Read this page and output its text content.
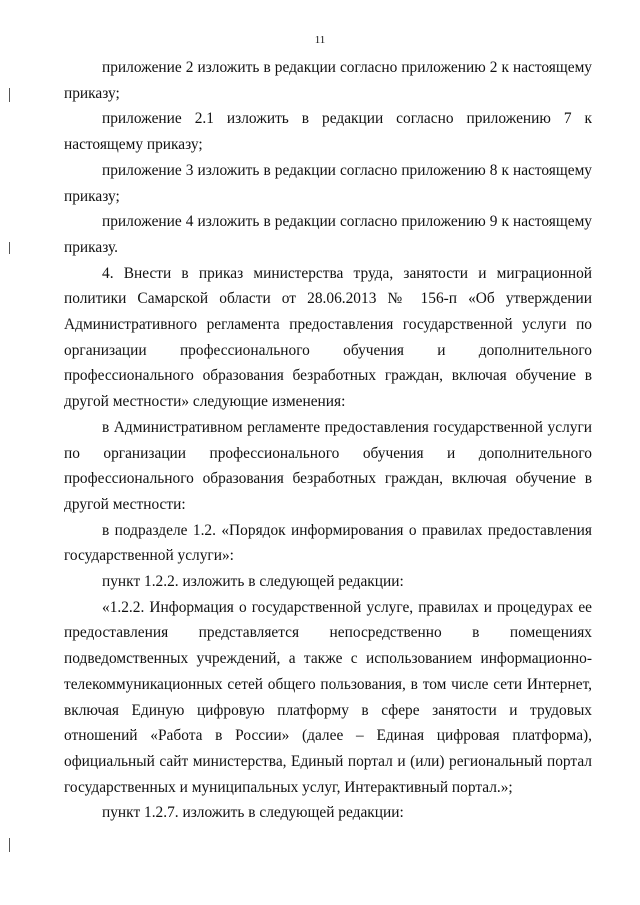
11

приложение 2 изложить в редакции согласно приложению 2 к настоящему приказу;

приложение 2.1 изложить в редакции согласно приложению 7 к настоящему приказу;

приложение 3 изложить в редакции согласно приложению 8 к настоящему приказу;

приложение 4 изложить в редакции согласно приложению 9 к настоящему приказу.

4. Внести в приказ министерства труда, занятости и миграционной политики Самарской области от 28.06.2013 № 156-п «Об утверждении Административного регламента предоставления государственной услуги по организации профессионального обучения и дополнительного профессионального образования безработных граждан, включая обучение в другой местности» следующие изменения:

в Административном регламенте предоставления государственной услуги по организации профессионального обучения и дополнительного профессионального образования безработных граждан, включая обучение в другой местности:

в подразделе 1.2. «Порядок информирования о правилах предоставления государственной услуги»:

пункт 1.2.2. изложить в следующей редакции:

«1.2.2. Информация о государственной услуге, правилах и процедурах ее предоставления представляется непосредственно в помещениях подведомственных учреждений, а также с использованием информационно-телекоммуникационных сетей общего пользования, в том числе сети Интернет, включая Единую цифровую платформу в сфере занятости и трудовых отношений «Работа в России» (далее – Единая цифровая платформа), официальный сайт министерства, Единый портал и (или) региональный портал государственных и муниципальных услуг, Интерактивный портал.»;

пункт 1.2.7. изложить в следующей редакции:
